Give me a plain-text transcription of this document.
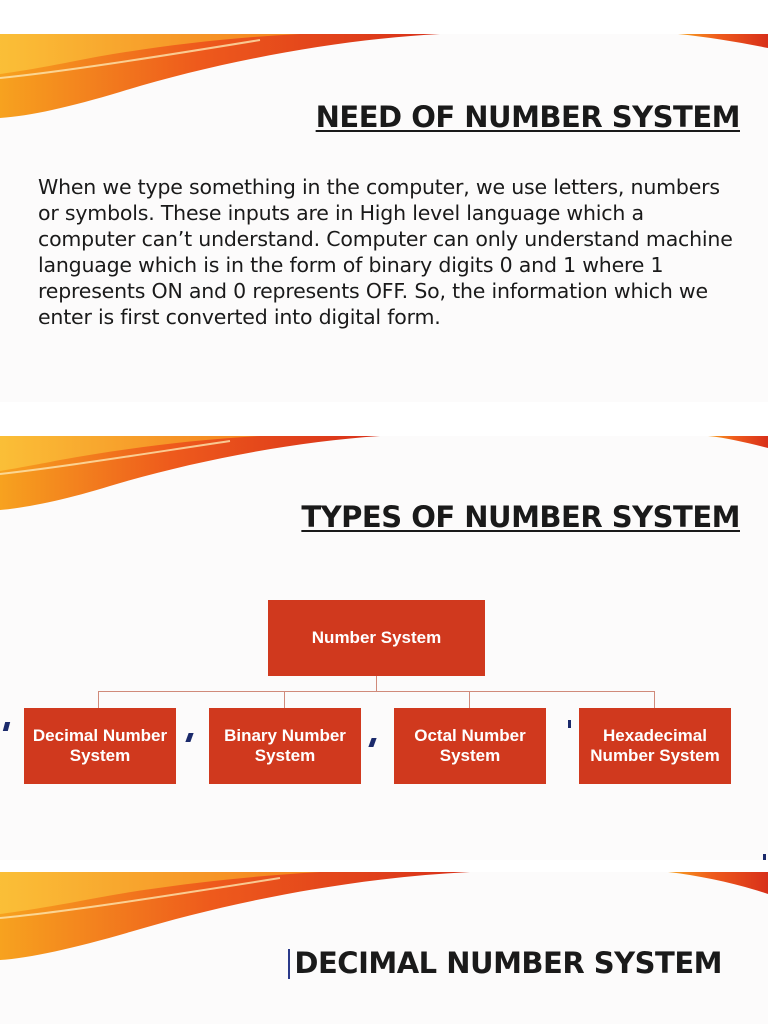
NEED OF NUMBER SYSTEM

When we type something in the computer, we use letters, numbers or symbols. These inputs are in High level language which a computer can’t understand. Computer can only understand machine language which is in the form of binary digits 0 and 1 where 1 represents ON and 0 represents OFF. So, the information which we enter is first converted into digital form.

TYPES OF NUMBER SYSTEM
Number System
Decimal Number System
Binary Number System
Octal Number System
Hexadecimal Number System
DECIMAL NUMBER SYSTEM
